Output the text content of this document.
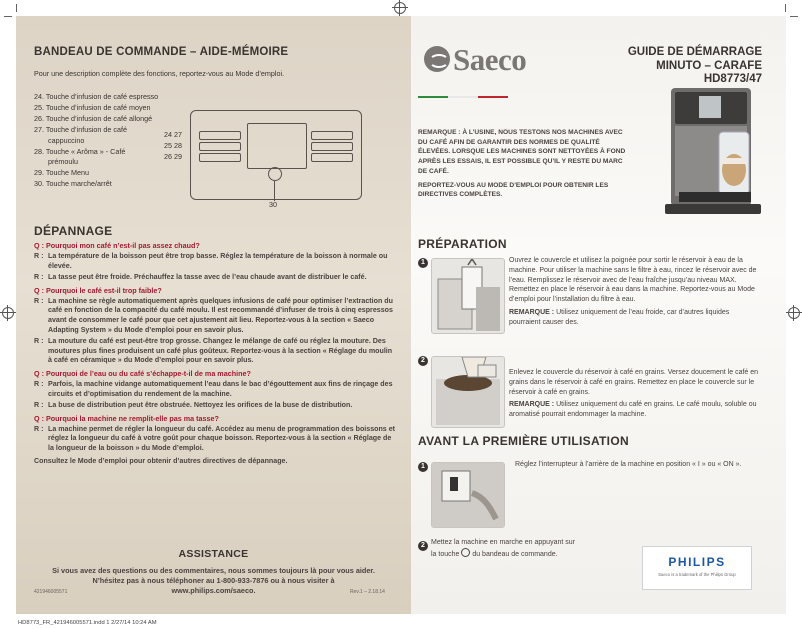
BANDEAU DE COMMANDE – AIDE-MÉMOIRE
Pour une description complète des fonctions, reportez-vous au Mode d’emploi.
24. Touche d’infusion de café espresso
25. Touche d’infusion de café moyen
26. Touche d’infusion de café allongé
27. Touche d’infusion de café
cappuccino
28. Touche « Arôma » - Café
prémoulu
29. Touche Menu
30. Touche marche/arrêt
24 27
25 28
26 29
30
DÉPANNAGE
Q : Pourquoi mon café n’est-il pas assez chaud?
R : La température de la boisson peut être trop basse. Réglez la température de la boisson à normale ou élevée.
R : La tasse peut être froide. Préchauffez la tasse avec de l’eau chaude avant de distribuer le café.
Q : Pourquoi le café est-il trop faible?
R : La machine se règle automatiquement après quelques infusions de café pour optimiser l’extraction du café en fonction de la compacité du café moulu. Il est recommandé d’infuser de trois à cinq espressos avant de consommer le café pour que cet ajustement ait lieu. Reportez-vous à la section « Saeco Adapting System » du Mode d’emploi pour en savoir plus.
R : La mouture du café est peut-être trop grosse. Changez le mélange de café ou réglez la mouture. Des moutures plus fines produisent un café plus goûteux. Reportez-vous à la section « Réglage du moulin à café en céramique » du Mode d’emploi pour en savoir plus.
Q : Pourquoi de l’eau ou du café s’échappe-t-il de ma machine?
R : Parfois, la machine vidange automatiquement l’eau dans le bac d’égouttement aux fins de rinçage des circuits et d’optimisation du rendement de la machine.
R : La buse de distribution peut être obstruée. Nettoyez les orifices de la buse de distribution.
Q : Pourquoi la machine ne remplit-elle pas ma tasse?
R : La machine permet de régler la longueur du café. Accédez au menu de programmation des boissons et réglez la longueur du café à votre goût pour chaque boisson. Reportez-vous à la section « Réglage de la longueur de la boisson » du Mode d’emploi.
Consultez le Mode d’emploi pour obtenir d’autres directives de dépannage.
ASSISTANCE
Si vous avez des questions ou des commentaires, nous sommes toujours là pour vous aider.
N’hésitez pas à nous téléphoner au 1-800-933-7876 ou à nous visiter à
www.philips.com/saeco.
421946005571	Rev.1 – 2.18.14
Saeco	GUIDE DE DÉMARRAGE
MINUTO – CARAFE
HD8773/47
REMARQUE : À L’USINE, NOUS TESTONS NOS MACHINES AVEC DU CAFÉ AFIN DE GARANTIR DES NORMES DE QUALITÉ ÉLEVÉES. LORSQUE LES MACHINES SONT NETTOYÉES À FOND APRÈS LES ESSAIS, IL EST POSSIBLE QU’IL Y RESTE DU MARC DE CAFÉ.
REPORTEZ-VOUS AU MODE D’EMPLOI POUR OBTENIR LES DIRECTIVES COMPLÈTES.
PRÉPARATION
1	Ouvrez le couvercle et utilisez la poignée pour sortir le réservoir à eau de la machine. Pour utiliser la machine sans le filtre à eau, rincez le réservoir avec de l’eau. Remplissez le réservoir avec de l’eau fraîche jusqu’au niveau MAX. Remettez en place le réservoir à eau dans la machine. Reportez-vous au Mode d’emploi pour l’installation du filtre à eau.
REMARQUE : Utilisez uniquement de l’eau froide, car d’autres liquides pourraient causer des.
2
Enlevez le couvercle du réservoir à café en grains. Versez doucement le café en grains dans le réservoir à café en grains. Remettez en place le couvercle sur le réservoir à café en grains.
REMARQUE : Utilisez uniquement du café en grains. Le café moulu, soluble ou aromatisé pourrait endommager la machine.
AVANT LA PREMIÈRE UTILISATION
1	Réglez l’interrupteur à l’arrière de la machine en position « I » ou « ON ».
2 Mettez la machine en marche en appuyant sur
la touche du bandeau de commande.
PHILIPS
Saeco is a trademark of the Philips Group
HD8773_FR_421946005571.indd 1 2/27/14 10:24 AM
